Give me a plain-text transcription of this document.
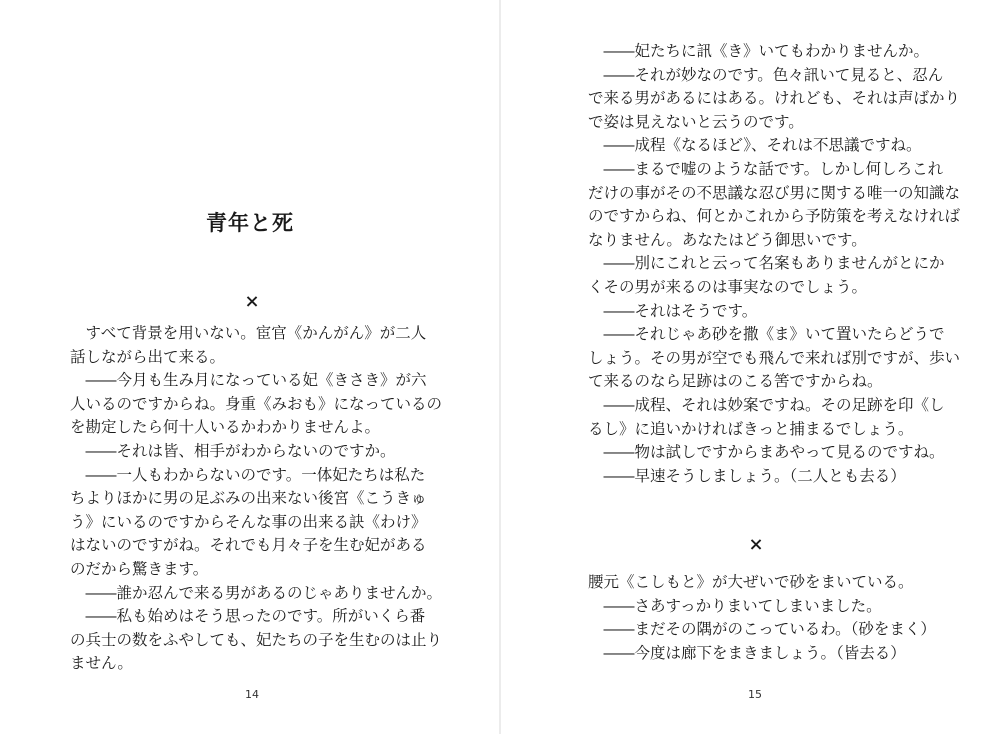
青年と死
×
　すべて背景を用いない。宦官《かんがん》が二人
話しながら出て来る。
　――今月も生み月になっている妃《きさき》が六
人いるのですからね。身重《みおも》になっているの
を勘定したら何十人いるかわかりませんよ。
　――それは皆、相手がわからないのですか。
　――一人もわからないのです。一体妃たちは私た
ちよりほかに男の足ぶみの出来ない後宮《こうきゅ
う》にいるのですからそんな事の出来る訣《わけ》
はないのですがね。それでも月々子を生む妃がある
のだから驚きます。
　――誰か忍んで来る男があるのじゃありませんか。
　――私も始めはそう思ったのです。所がいくら番
の兵士の数をふやしても、妃たちの子を生むのは止り
ません。
14
　――妃たちに訊《き》いてもわかりませんか。
　――それが妙なのです。色々訊いて見ると、忍ん
で来る男があるにはある。けれども、それは声ばかり
で姿は見えないと云うのです。
　――成程《なるほど》、それは不思議ですね。
　――まるで嘘のような話です。しかし何しろこれ
だけの事がその不思議な忍び男に関する唯一の知識な
のですからね、何とかこれから予防策を考えなければ
なりません。あなたはどう御思いです。
　――別にこれと云って名案もありませんがとにか
くその男が来るのは事実なのでしょう。
　――それはそうです。
　――それじゃあ砂を撒《ま》いて置いたらどうで
しょう。その男が空でも飛んで来れば別ですが、歩い
て来るのなら足跡はのこる筈ですからね。
　――成程、それは妙案ですね。その足跡を印《し
るし》に追いかければきっと捕まるでしょう。
　――物は試しですからまあやって見るのですね。
　――早速そうしましょう。（二人とも去る）
×
腰元《こしもと》が大ぜいで砂をまいている。
　――さあすっかりまいてしまいました。
　――まだその隅がのこっているわ。（砂をまく）
　――今度は廊下をまきましょう。（皆去る）
15
